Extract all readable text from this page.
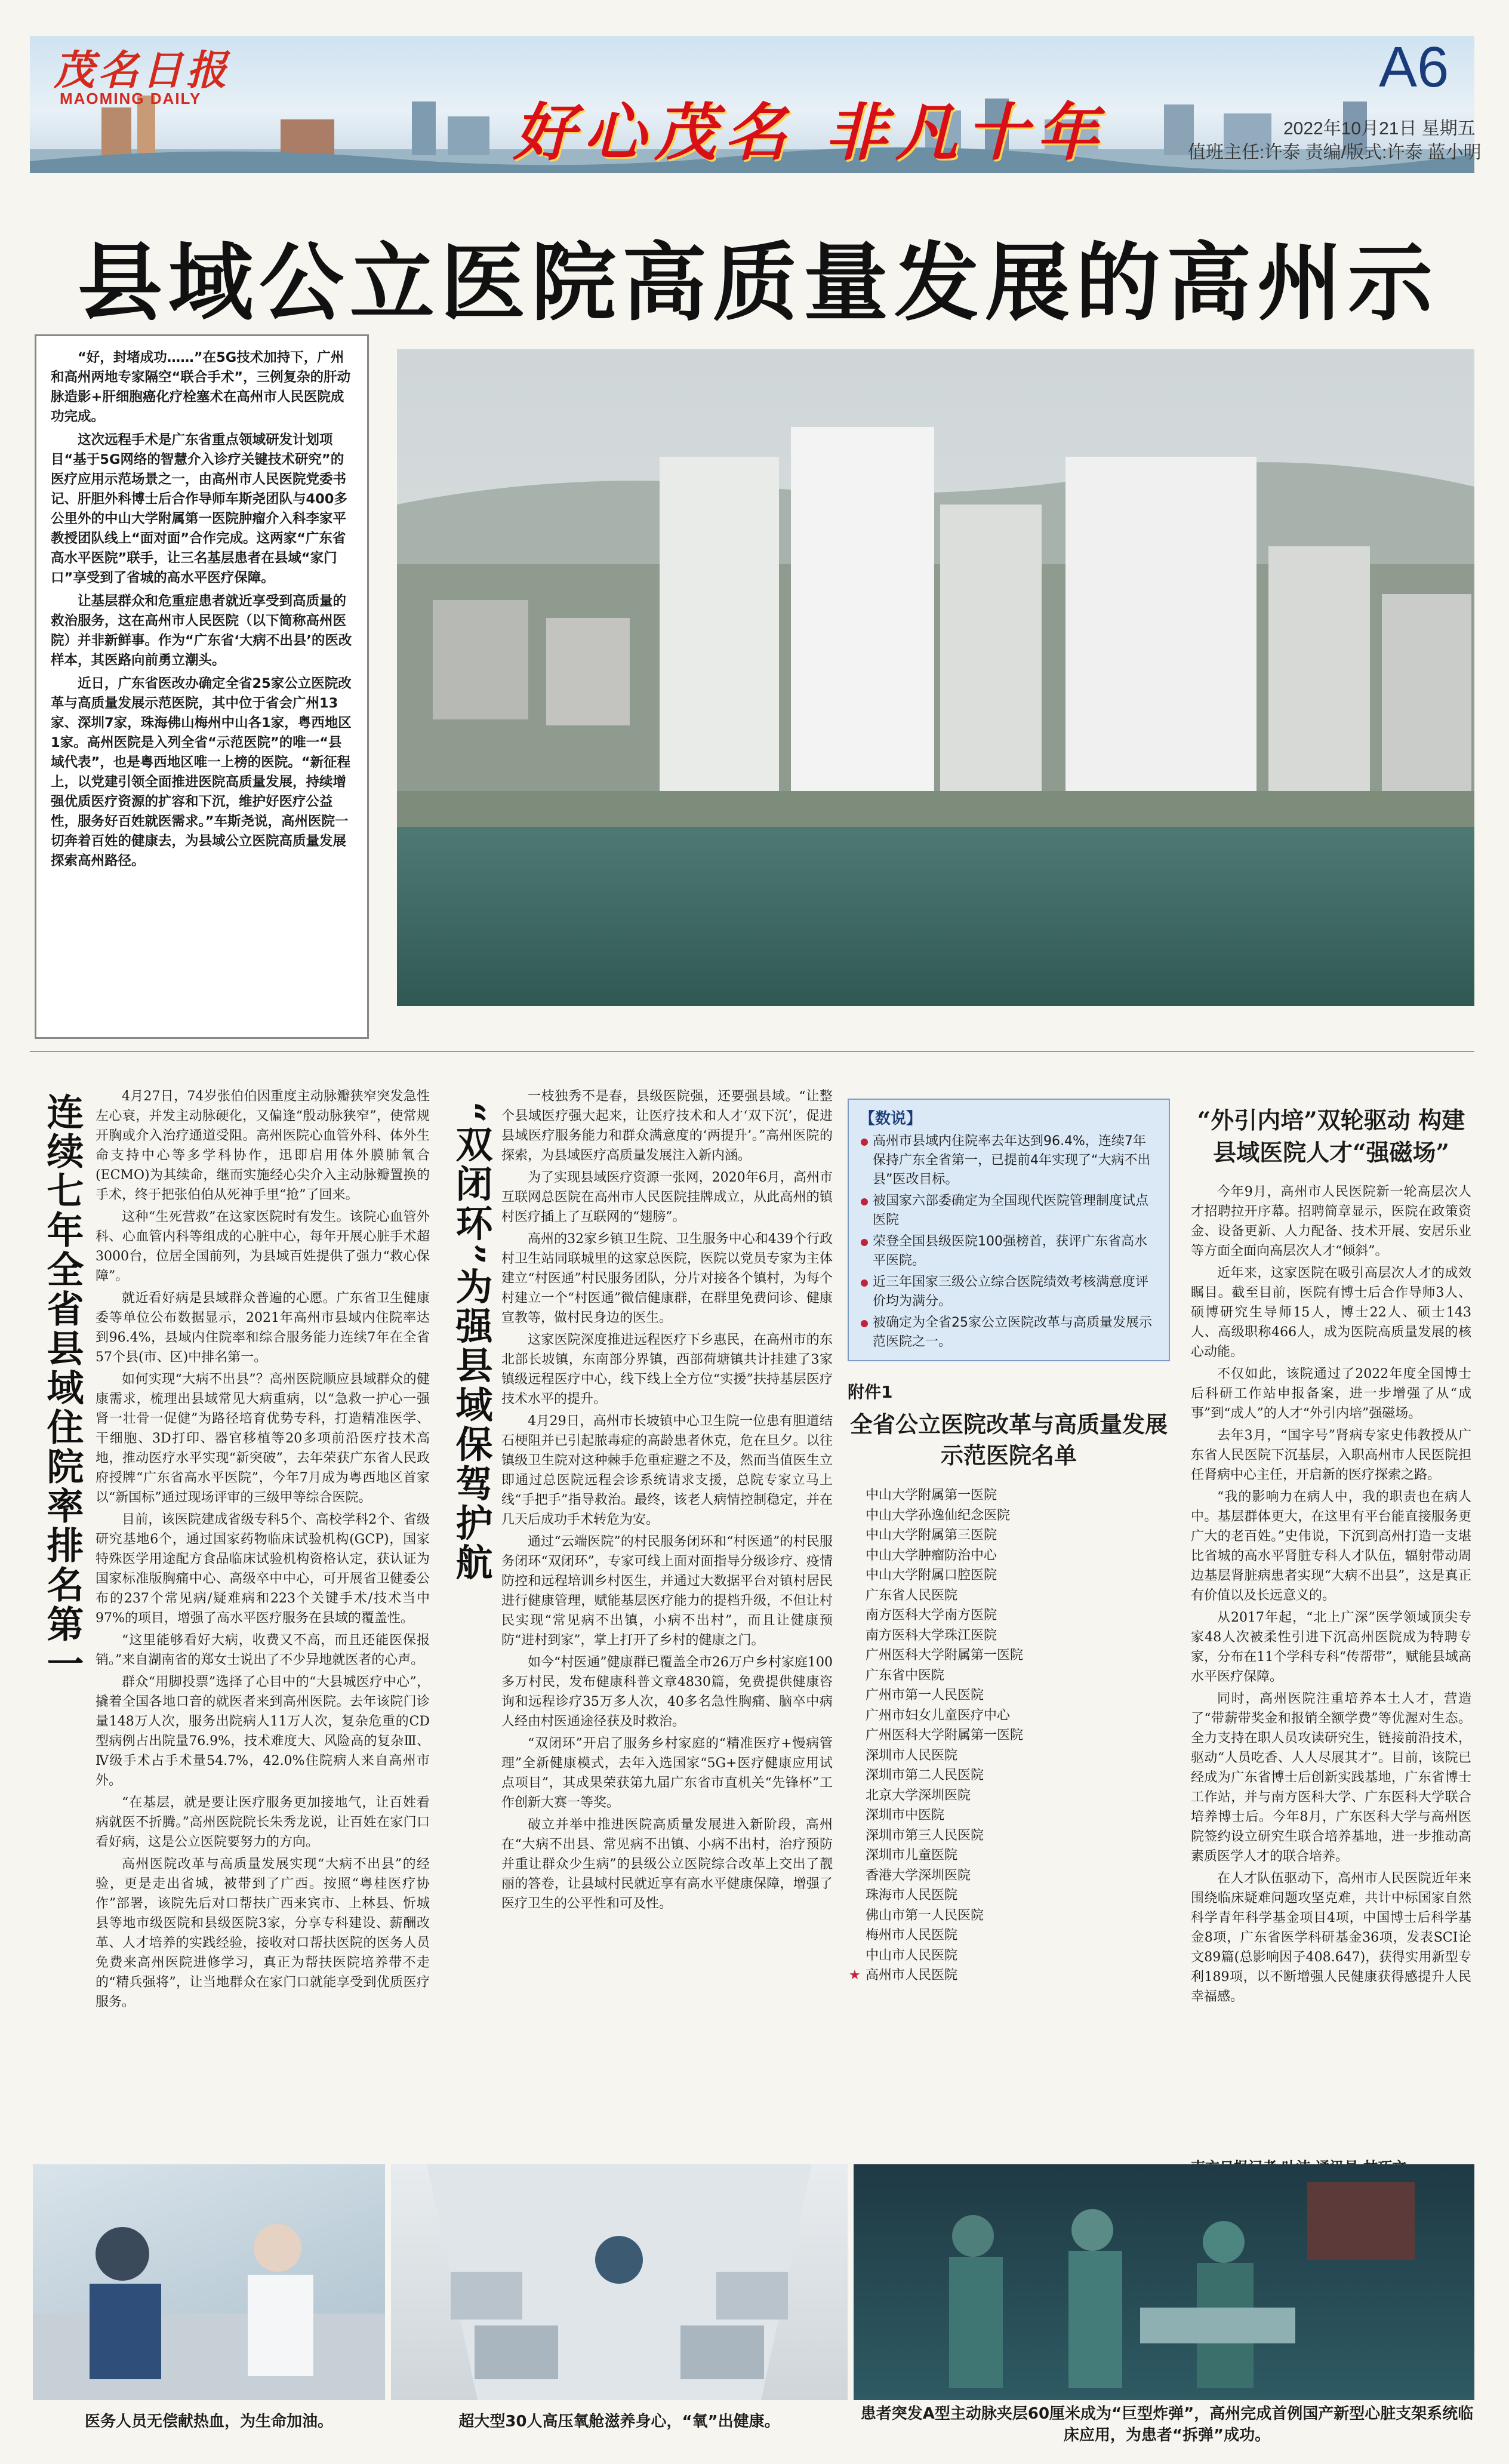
茂名日报
MAOMING DAILY	好心茂名 非凡十年
A6
2022年10月21日 星期五
值班主任:许泰 责编/版式:许泰 蓝小明
县域公立医院高质量发展的高州示

“好，封堵成功……”在5G技术加持下，广州和高州两地专家隔空“联合手术”，三例复杂的肝动脉造影+肝细胞癌化疗栓塞术在高州市人民医院成功完成。

这次远程手术是广东省重点领域研发计划项目“基于5G网络的智慧介入诊疗关键技术研究”的医疗应用示范场景之一，由高州市人民医院党委书记、肝胆外科博士后合作导师车斯尧团队与400多公里外的中山大学附属第一医院肿瘤介入科李家平教授团队线上“面对面”合作完成。这两家“广东省高水平医院”联手，让三名基层患者在县域“家门口”享受到了省城的高水平医疗保障。

让基层群众和危重症患者就近享受到高质量的救治服务，这在高州市人民医院（以下简称高州医院）并非新鲜事。作为“广东省‘大病不出县’的医改样本，其医路向前勇立潮头。

近日，广东省医改办确定全省25家公立医院改革与高质量发展示范医院，其中位于省会广州13家、深圳7家，珠海佛山梅州中山各1家，粤西地区1家。高州医院是入列全省“示范医院”的唯一“县域代表”，也是粤西地区唯一上榜的医院。“新征程上，以党建引领全面推进医院高质量发展，持续增强优质医疗资源的扩容和下沉，维护好医疗公益性，服务好百姓就医需求。”车斯尧说，高州医院一切奔着百姓的健康去，为县域公立医院高质量发展探索高州路径。

连续七年全省县域住院率排名第一	4月27日，74岁张伯伯因重度主动脉瓣狭窄突发急性左心衰，并发主动脉硬化，又偏逢“殷动脉狭窄”，使常规开胸或介入治疗通道受阻。高州医院心血管外科、体外生命支持中心等多学科协作，迅即启用体外膜肺氧合(ECMO)为其续命，继而实施经心尖介入主动脉瓣置换的手术，终于把张伯伯从死神手里“抢”了回来。

这种“生死营救”在这家医院时有发生。该院心血管外科、心血管内科等组成的心脏中心，每年开展心脏手术超3000台，位居全国前列，为县域百姓提供了强力“救心保障”。

就近看好病是县域群众普遍的心愿。广东省卫生健康委等单位公布数据显示，2021年高州市县域内住院率达到96.4%，县域内住院率和综合服务能力连续7年在全省57个县(市、区)中排名第一。

如何实现“大病不出县”？高州医院顺应县域群众的健康需求，梳理出县域常见大病重病，以“急救一护心一强肾一壮骨一促健”为路径培育优势专科，打造精准医学、干细胞、3D打印、器官移植等20多项前沿医疗技术高地，推动医疗水平实现“新突破”，去年荣获广东省人民政府授牌“广东省高水平医院”，今年7月成为粤西地区首家以“新国标”通过现场评审的三级甲等综合医院。

目前，该医院建成省级专科5个、高校学科2个、省级研究基地6个，通过国家药物临床试验机构(GCP)，国家特殊医学用途配方食品临床试验机构资格认定，获认证为国家标准版胸痛中心、高级卒中中心，可开展省卫健委公布的237个常见病/疑难病和223个关键手术/技术当中97%的项目，增强了高水平医疗服务在县域的覆盖性。

“这里能够看好大病，收费又不高，而且还能医保报销。”来自湖南省的郑女士说出了不少异地就医者的心声。

群众“用脚投票”选择了心目中的“大县城医疗中心”，撬着全国各地口音的就医者来到高州医院。去年该院门诊量148万人次，服务出院病人11万人次，复杂危重的CD型病例占出院量76.9%，技术难度大、风险高的复杂Ⅲ、Ⅳ级手术占手术量54.7%，42.0%住院病人来自高州市外。

“在基层，就是要让医疗服务更加接地气，让百姓看病就医不折腾。”高州医院院长朱秀龙说，让百姓在家门口看好病，这是公立医院要努力的方向。

高州医院改革与高质量发展实现“大病不出县”的经验，更是走出省城，被带到了广西。按照“粤桂医疗协作”部署，该院先后对口帮扶广西来宾市、上林县、忻城县等地市级医院和县级医院3家，分享专科建设、薪酬改革、人才培养的实践经验，接收对口帮扶医院的医务人员免费来高州医院进修学习，真正为帮扶医院培养带不走的“精兵强将”，让当地群众在家门口就能享受到优质医疗服务。

“双闭环”为强县域保驾护航

一枝独秀不是春，县级医院强，还要强县域。“让整个县域医疗强大起来，让医疗技术和人才‘双下沉’，促进县域医疗服务能力和群众满意度的‘两提升’。”高州医院的探索，为县域医疗高质量发展注入新内涵。

为了实现县域医疗资源一张网，2020年6月，高州市互联网总医院在高州市人民医院挂牌成立，从此高州的镇村医疗插上了互联网的“翅膀”。

高州的32家乡镇卫生院、卫生服务中心和439个行政村卫生站同联城里的这家总医院，医院以党员专家为主体建立“村医通”村民服务团队，分片对接各个镇村，为每个村建立一个“村医通”微信健康群，在群里免费问诊、健康宣教等，做村民身边的医生。

这家医院深度推进远程医疗下乡惠民，在高州市的东北部长坡镇，东南部分界镇，西部荷塘镇共计挂建了3家镇级远程医疗中心，线下线上全方位“实援”扶持基层医疗技术水平的提升。

4月29日，高州市长坡镇中心卫生院一位患有胆道结石梗阻并已引起脓毒症的高龄患者休克，危在旦夕。以往镇级卫生院对这种棘手危重症避之不及，然而当值医生立即通过总医院远程会诊系统请求支援，总院专家立马上线“手把手”指导救治。最终，该老人病情控制稳定，并在几天后成功手术转危为安。

通过“云端医院”的村民服务闭环和“村医通”的村民服务闭环“双闭环”，专家可线上面对面指导分级诊疗、疫情防控和远程培训乡村医生，并通过大数据平台对镇村居民进行健康管理，赋能基层医疗能力的提档升级，不但让村民实现“常见病不出镇，小病不出村”，而且让健康预防“进村到家”，掌上打开了乡村的健康之门。

如今“村医通”健康群已覆盖全市26万户乡村家庭100多万村民，发布健康科普文章4830篇，免费提供健康咨询和远程诊疗35万多人次，40多名急性胸痛、脑卒中病人经由村医通途径获及时救治。

“双闭环”开启了服务乡村家庭的“精准医疗+慢病管理”全新健康模式，去年入选国家“5G+医疗健康应用试点项目”，其成果荣获第九届广东省市直机关“先锋杯”工作创新大赛一等奖。

破立并举中推进医院高质量发展进入新阶段，高州在“大病不出县、常见病不出镇、小病不出村，治疗预防并重让群众少生病”的县级公立医院综合改革上交出了靓丽的答卷，让县域村民就近享有高水平健康保障，增强了医疗卫生的公平性和可及性。

【数说】
高州市县域内住院率去年达到96.4%，连续7年保持广东全省第一，已提前4年实现了“大病不出县”医改目标。
被国家六部委确定为全国现代医院管理制度试点医院
荣登全国县级医院100强榜首，获评广东省高水平医院。
近三年国家三级公立综合医院绩效考核满意度评价均为满分。
被确定为全省25家公立医院改革与高质量发展示范医院之一。
附件1
全省公立医院改革与高质量发展示范医院名单
中山大学附属第一医院
中山大学孙逸仙纪念医院
中山大学附属第三医院
中山大学肿瘤防治中心
中山大学附属口腔医院
广东省人民医院
南方医科大学南方医院
南方医科大学珠江医院
广州医科大学附属第一医院
广东省中医院
广州市第一人民医院
广州市妇女儿童医疗中心
广州医科大学附属第一医院
深圳市人民医院
深圳市第二人民医院
北京大学深圳医院
深圳市中医院
深圳市第三人民医院
深圳市儿童医院
香港大学深圳医院
珠海市人民医院
佛山市第一人民医院
梅州市人民医院
中山市人民医院
★ 高州市人民医院
“外引内培”双轮驱动 构建县域医院人才“强磁场”

今年9月，高州市人民医院新一轮高层次人才招聘拉开序幕。招聘简章显示，医院在政策资金、设备更新、人力配备、技术开展、安居乐业等方面全面向高层次人才“倾斜”。

近年来，这家医院在吸引高层次人才的成效瞩目。截至目前，医院有博士后合作导师3人、硕博研究生导师15人，博士22人、硕士143人、高级职称466人，成为医院高质量发展的核心动能。

不仅如此，该院通过了2022年度全国博士后科研工作站申报备案，进一步增强了从“成事”到“成人”的人才“外引内培”强磁场。

去年3月，“国字号”肾病专家史伟教授从广东省人民医院下沉基层，入职高州市人民医院担任肾病中心主任，开启新的医疗探索之路。

“我的影响力在病人中，我的职责也在病人中。基层群体更大，在这里有平台能直接服务更广大的老百姓。”史伟说，下沉到高州打造一支堪比省城的高水平肾脏专科人才队伍，辐射带动周边基层肾脏病患者实现“大病不出县”，这是真正有价值以及长远意义的。

从2017年起，“北上广深”医学领域顶尖专家48人次被柔性引进下沉高州医院成为特聘专家，分布在11个学科专科“传帮带”，赋能县域高水平医疗保障。

同时，高州医院注重培养本土人才，营造了“带薪带奖金和报销全额学费”等优渥对生态。全力支持在职人员攻读研究生，链接前沿技术，驱动“人员吃香、人人尽展其才”。目前，该院已经成为广东省博士后创新实践基地，广东省博士工作站，并与南方医科大学、广东医科大学联合培养博士后。今年8月，广东医科大学与高州医院签约设立研究生联合培养基地，进一步推动高素质医学人才的联合培养。

在人才队伍驱动下，高州市人民医院近年来围绕临床疑难问题攻坚克难，共计中标国家自然科学青年科学基金项目4项，中国博士后科学基金8项，广东省医学科研基金36项，发表SCI论文89篇(总影响因子408.647)，获得实用新型专利189项，以不断增强人民健康获得感提升人民幸福感。

医务人员无偿献热血，为生命加油。	超大型30人高压氧舱滋养身心，“氧”出健康。	患者突发A型主动脉夹层60厘米成为“巨型炸弹”，高州完成首例国产新型心脏支架系统临床应用，为患者“拆弹”成功。
